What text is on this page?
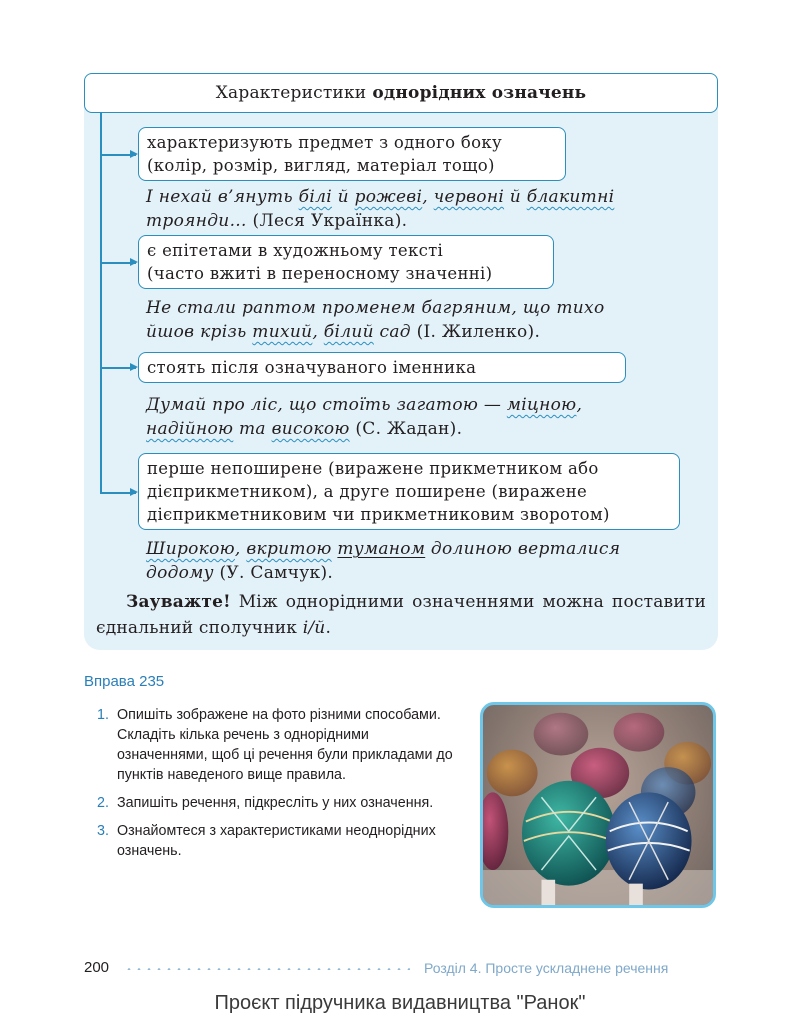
Характеристики однорідних означень
характеризують предмет з одного боку
(колір, розмір, вигляд, матеріал тощо)
І нехай в’януть білі й рожеві, червоні й блакитні
троянди… (Леся Українка).
є епітетами в художньому тексті
(часто вжиті в переносному значенні)
Не стали раптом променем багряним, що тихо
йшов крізь тихий, білий сад (І. Жиленко).
стоять після означуваного іменника
Думай про ліс, що стоїть загатою — міцною,
надійною та високою (С. Жадан).
перше непоширене (виражене прикметником або
дієприкметником), а друге поширене (виражене
дієприкметниковим чи прикметниковим зворотом)
Широкою, вкритою туманом долиною верталися
додому (У. Самчук).
Зауважте! Між однорідними означеннями можна поставити єднальний сполучник і/й.
Вправа 235
1. Опишіть зображене на фото різними способами. Складіть кілька речень з однорідними означеннями, щоб ці речення були прикладами до пунктів наведеного вище правила.
2. Запишіть речення, підкресліть у них означення.
3. Ознайомтеся з характеристиками неоднорідних означень.
200	Розділ 4. Просте ускладнене речення
Проєкт підручника видавництва "Ранок"
